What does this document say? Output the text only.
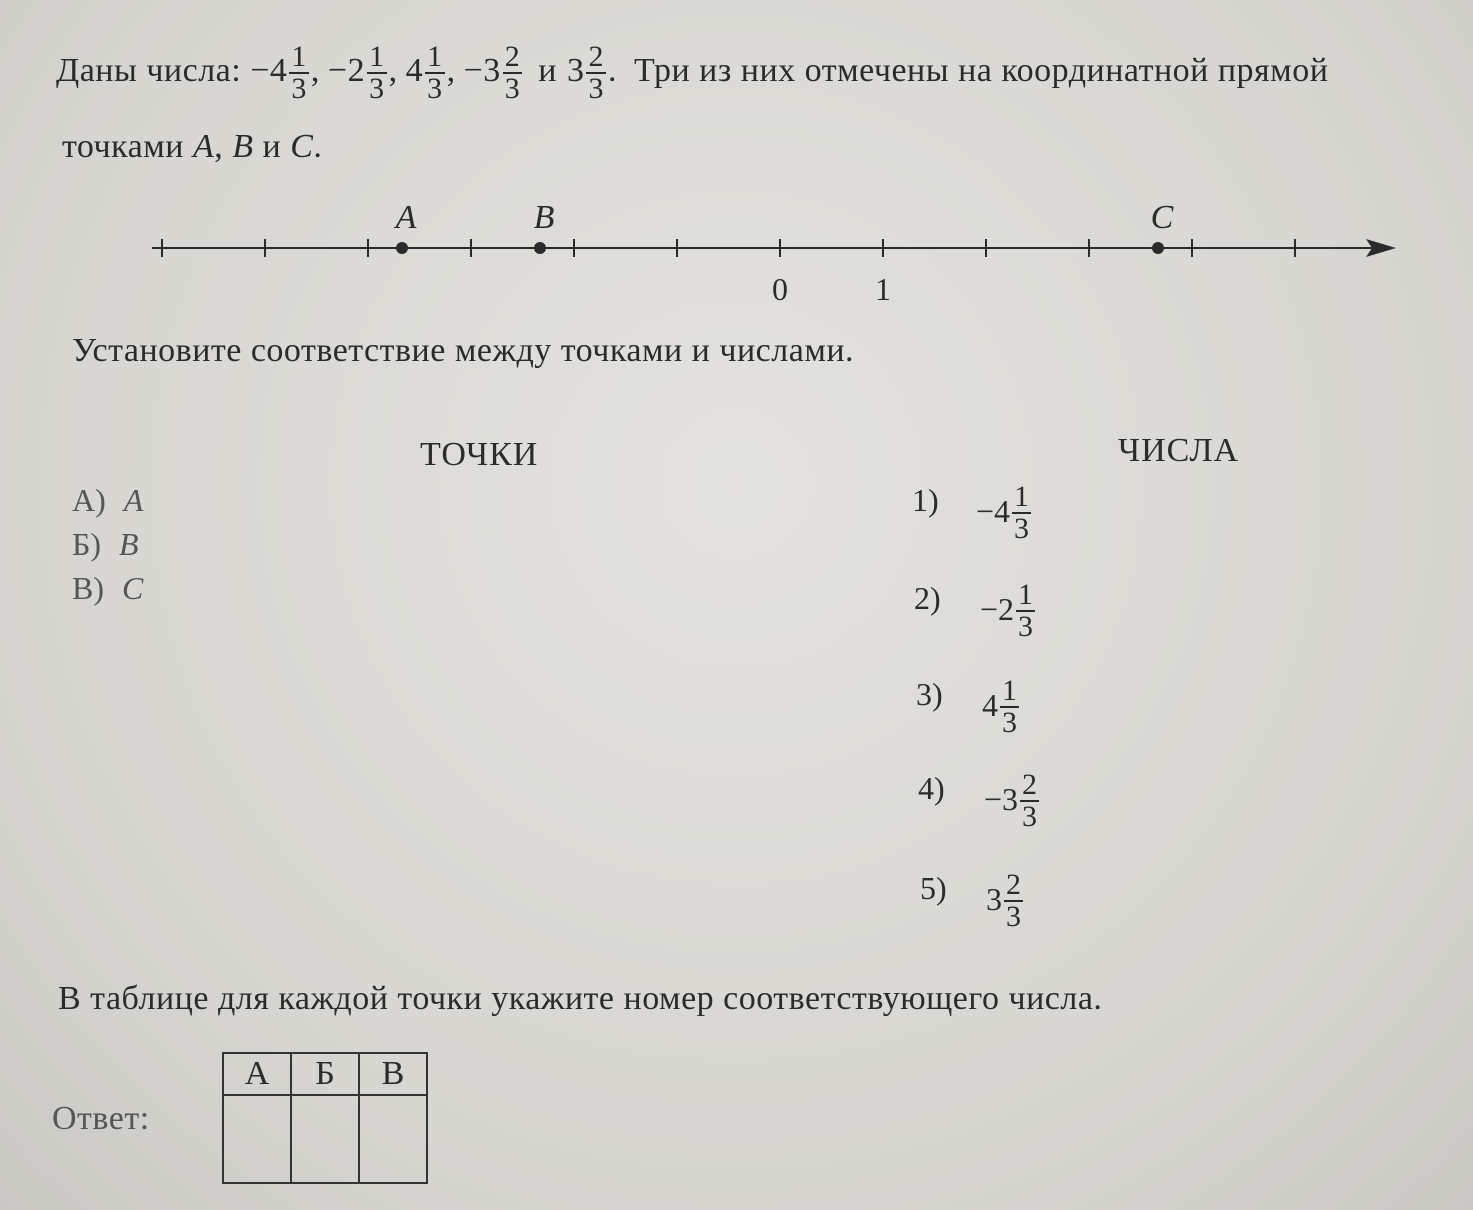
Даны числа: $-4 \frac{1}{3}$ , $-2 \frac{1}{3}$ , $4 \frac{1}{3}$ , $-3 \frac{2}{3}$ и $3 \frac{2}{3}$ . Три из них отмечены на координатной прямой
точками A, B и C.
0	1
A	B	C
Установите соответствие между точками и числами.
ТОЧКИ	ЧИСЛА
А) A
Б) B
В) C
$1) -4 \frac{1}{3}$
$2) -2 \frac{1}{3}$
3) $4 \frac{1}{3}$
$4) -3 \frac{2}{3}$
5) $3 \frac{2}{3}$
В таблице для каждой точки укажите номер соответствующего числа.
Ответ:
А	Б	В
